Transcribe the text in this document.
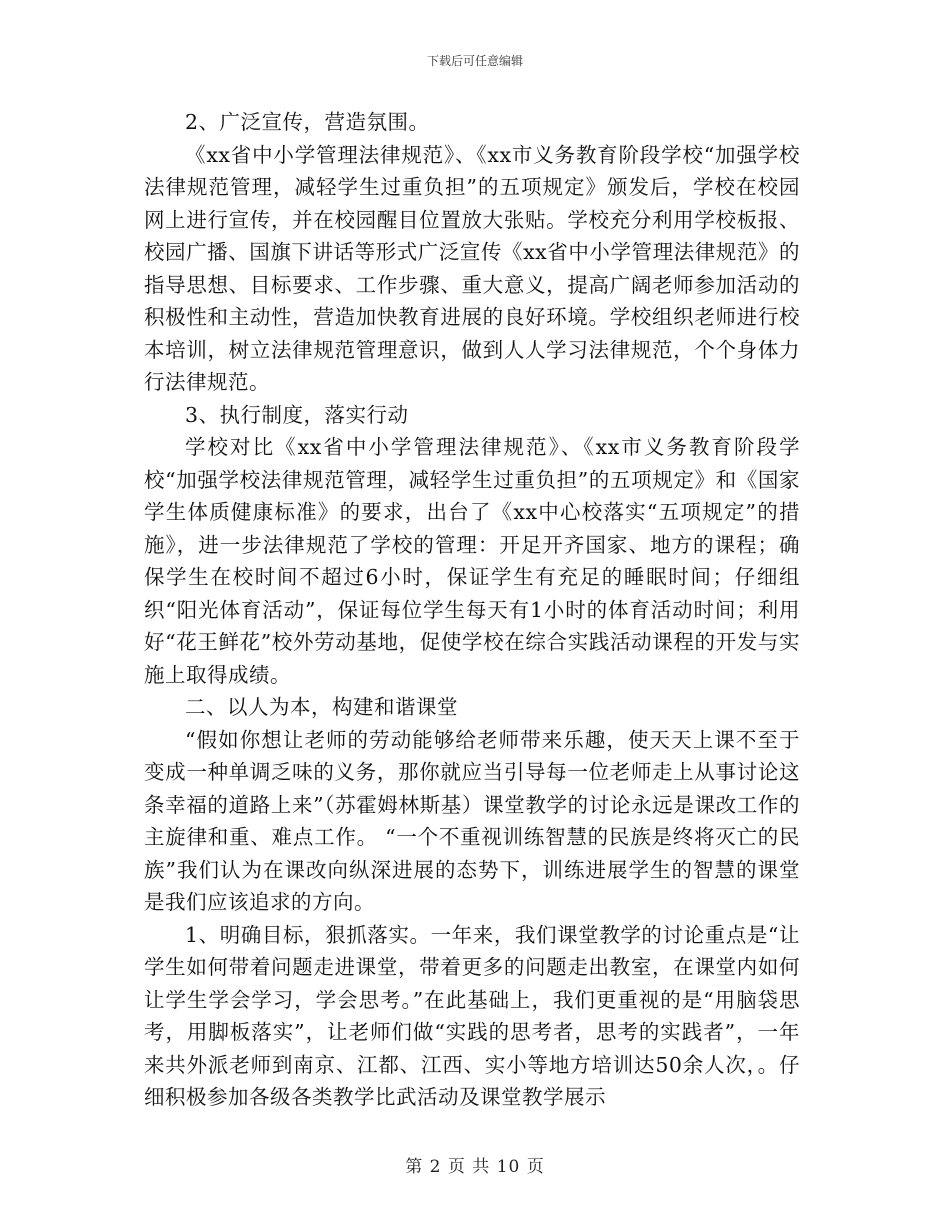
下载后可任意编辑

2、广泛宣传，营造氛围。

《xx省中小学管理法律规范》、《xx市义务教育阶段学校“加强学校法律规范管理，减轻学生过重负担”的五项规定》颁发后，学校在校园网上进行宣传，并在校园醒目位置放大张贴。学校充分利用学校板报、校园广播、国旗下讲话等形式广泛宣传《xx省中小学管理法律规范》的指导思想、目标要求、工作步骤、重大意义，提高广阔老师参加活动的积极性和主动性，营造加快教育进展的良好环境。学校组织老师进行校本培训，树立法律规范管理意识，做到人人学习法律规范，个个身体力行法律规范。

3、执行制度，落实行动

学校对比《xx省中小学管理法律规范》、《xx市义务教育阶段学校“加强学校法律规范管理，减轻学生过重负担”的五项规定》和《国家学生体质健康标准》的要求，出台了《xx中心校落实“五项规定”的措施》，进一步法律规范了学校的管理：开足开齐国家、地方的课程；确保学生在校时间不超过6小时，保证学生有充足的睡眠时间；仔细组织“阳光体育活动”，保证每位学生每天有1小时的体育活动时间；利用好“花王鲜花”校外劳动基地，促使学校在综合实践活动课程的开发与实施上取得成绩。

二、以人为本，构建和谐课堂

“假如你想让老师的劳动能够给老师带来乐趣，使天天上课不至于变成一种单调乏味的义务，那你就应当引导每一位老师走上从事讨论这条幸福的道路上来”（苏霍姆林斯基）课堂教学的讨论永远是课改工作的主旋律和重、难点工作。 “一个不重视训练智慧的民族是终将灭亡的民族”我们认为在课改向纵深进展的态势下，训练进展学生的智慧的课堂是我们应该追求的方向。

1、明确目标，狠抓落实。一年来，我们课堂教学的讨论重点是“让学生如何带着问题走进课堂，带着更多的问题走出教室，在课堂内如何让学生学会学习，学会思考。”在此基础上，我们更重视的是“用脑袋思考，用脚板落实”，让老师们做“实践的思考者，思考的实践者”，一年来共外派老师到南京、江都、江西、实小等地方培训达50余人次，。仔细积极参加各级各类教学比武活动及课堂教学展示

第 2 页 共 10 页
